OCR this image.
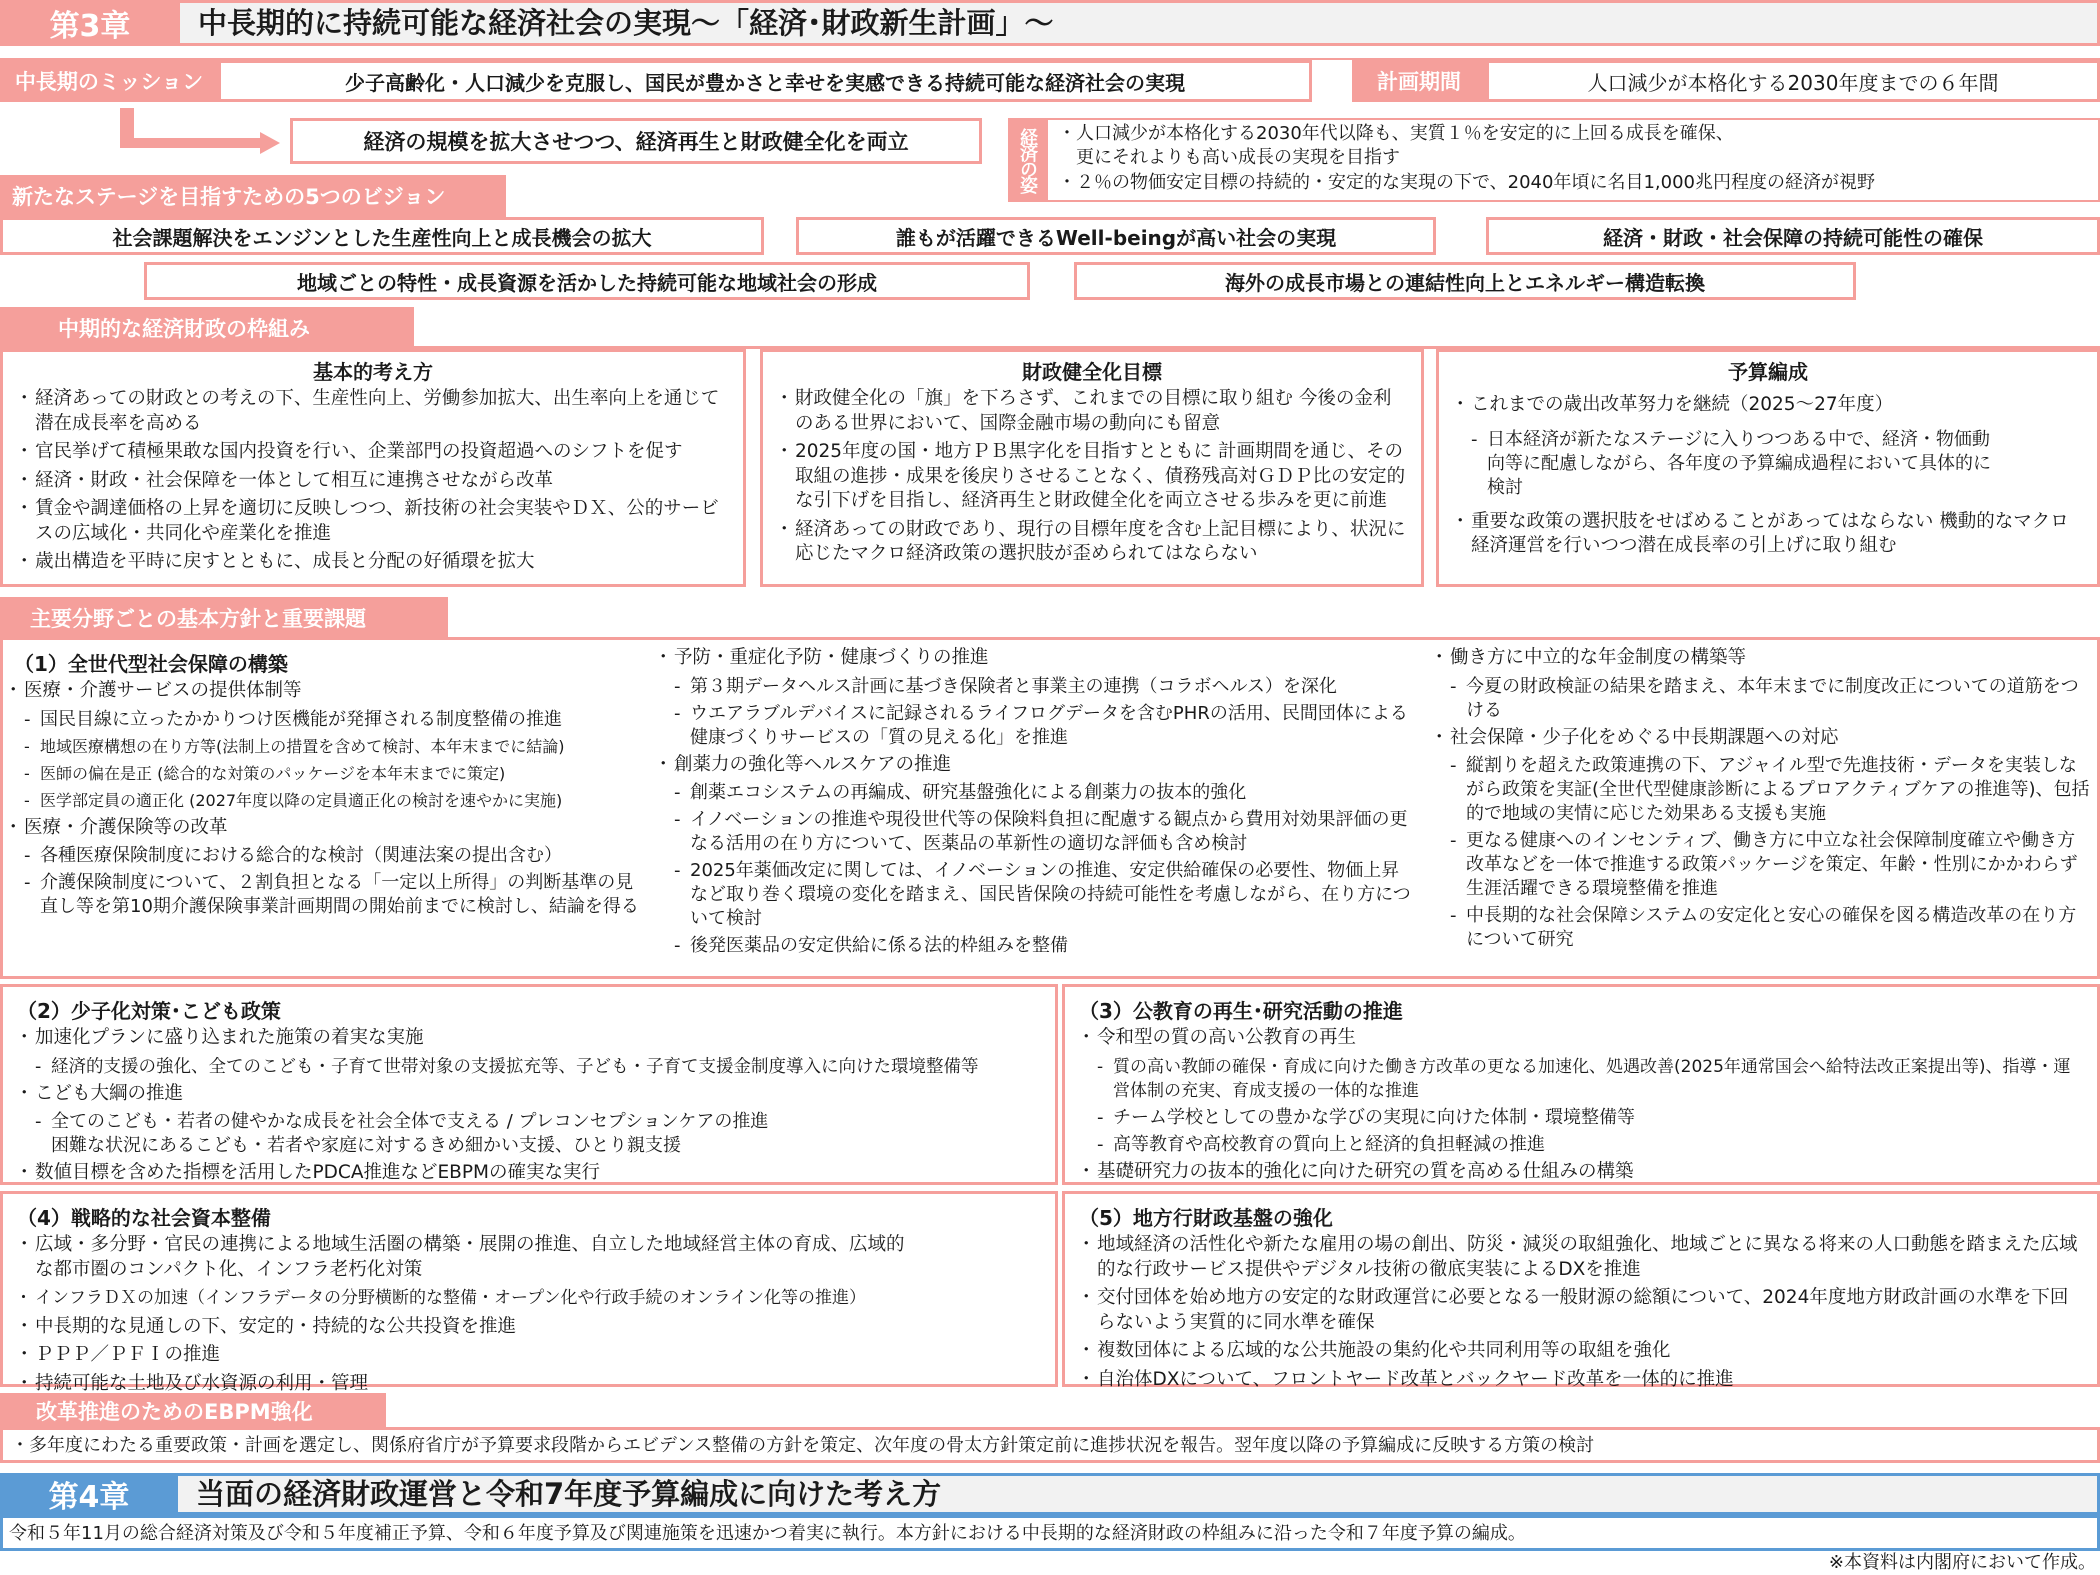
第3章	中長期的に持続可能な経済社会の実現〜「経済･財政新生計画」〜
中長期のミッション	少子高齢化・人口減少を克服し、国民が豊かさと幸せを実感できる持続可能な経済社会の実現	計画期間	人口減少が本格化する2030年度までの６年間
経済の規模を拡大させつつ、経済再生と財政健全化を両立	経済の姿	・人口減少が本格化する2030年代以降も、実質１％を安定的に上回る成長を確保、
更にそれよりも高い成長の実現を目指す
・２％の物価安定目標の持続的・安定的な実現の下で、2040年頃に名目1,000兆円程度の経済が視野
新たなステージを目指すための5つのビジョン
社会課題解決をエンジンとした生産性向上と成長機会の拡大	誰もが活躍できるWell-beingが高い社会の実現	経済・財政・社会保障の持続可能性の確保
地域ごとの特性・成長資源を活かした持続可能な地域社会の形成	海外の成長市場との連結性向上とエネルギー構造転換
中期的な経済財政の枠組み
基本的考え方
・ 経済あっての財政との考えの下、生産性向上、労働参加拡大、出生率向上を通じて潜在成長率を高める
・ 官民挙げて積極果敢な国内投資を行い、企業部門の投資超過へのシフトを促す
・ 経済・財政・社会保障を一体として相互に連携させながら改革
・ 賃金や調達価格の上昇を適切に反映しつつ、新技術の社会実装やＤＸ、公的サービスの広域化・共同化や産業化を推進
・ 歳出構造を平時に戻すとともに、成長と分配の好循環を拡大
財政健全化目標
・ 財政健全化の「旗」を下ろさず、これまでの目標に取り組む 今後の金利のある世界において、国際金融市場の動向にも留意
・ 2025年度の国・地方ＰＢ黒字化を目指すとともに 計画期間を通じ、その取組の進捗・成果を後戻りさせることなく、債務残高対ＧＤＰ比の安定的な引下げを目指し、経済再生と財政健全化を両立させる歩みを更に前進
・ 経済あっての財政であり、現行の目標年度を含む上記目標により、状況に応じたマクロ経済政策の選択肢が歪められてはならない
予算編成
・ これまでの歳出改革努力を継続（2025〜27年度）
- 日本経済が新たなステージに入りつつある中で、経済・物価動向等に配慮しながら、各年度の予算編成過程において具体的に検討
・ 重要な政策の選択肢をせばめることがあってはならない 機動的なマクロ経済運営を行いつつ潜在成長率の引上げに取り組む
主要分野ごとの基本方針と重要課題
（1）全世代型社会保障の構築
・ 医療・介護サービスの提供体制等
- 国民目線に立ったかかりつけ医機能が発揮される制度整備の推進
- 地域医療構想の在り方等(法制上の措置を含めて検討、本年末までに結論)
- 医師の偏在是正 (総合的な対策のパッケージを本年末までに策定)
- 医学部定員の適正化 (2027年度以降の定員適正化の検討を速やかに実施)
・ 医療・介護保険等の改革
- 各種医療保険制度における総合的な検討（関連法案の提出含む）
- 介護保険制度について、２割負担となる「一定以上所得」の判断基準の見直し等を第10期介護保険事業計画期間の開始前までに検討し、結論を得る
・ 予防・重症化予防・健康づくりの推進
- 第３期データヘルス計画に基づき保険者と事業主の連携（コラボヘルス）を深化
- ウエアラブルデバイスに記録されるライフログデータを含むPHRの活用、民間団体による健康づくりサービスの「質の見える化」を推進
・ 創薬力の強化等ヘルスケアの推進
- 創薬エコシステムの再編成、研究基盤強化による創薬力の抜本的強化
- イノベーションの推進や現役世代等の保険料負担に配慮する観点から費用対効果評価の更なる活用の在り方について、医薬品の革新性の適切な評価も含め検討
- 2025年薬価改定に関しては、イノベーションの推進、安定供給確保の必要性、物価上昇など取り巻く環境の変化を踏まえ、国民皆保険の持続可能性を考慮しながら、在り方について検討
- 後発医薬品の安定供給に係る法的枠組みを整備
・ 働き方に中立的な年金制度の構築等
- 今夏の財政検証の結果を踏まえ、本年末までに制度改正についての道筋をつける
・ 社会保障・少子化をめぐる中長期課題への対応
- 縦割りを超えた政策連携の下、アジャイル型で先進技術・データを実装しながら政策を実証(全世代型健康診断によるプロアクティブケアの推進等)、包括的で地域の実情に応じた効果ある支援も実施
- 更なる健康へのインセンティブ、働き方に中立な社会保障制度確立や働き方改革などを一体で推進する政策パッケージを策定、年齢・性別にかかわらず生涯活躍できる環境整備を推進
- 中長期的な社会保障システムの安定化と安心の確保を図る構造改革の在り方について研究
（2）少子化対策･こども政策
・ 加速化プランに盛り込まれた施策の着実な実施
- 経済的支援の強化、全てのこども・子育て世帯対象の支援拡充等、子ども・子育て支援金制度導入に向けた環境整備等
・ こども大綱の推進
- 全てのこども・若者の健やかな成長を社会全体で支える / プレコンセプションケアの推進 困難な状況にあるこども・若者や家庭に対するきめ細かい支援、ひとり親支援
・ 数値目標を含めた指標を活用したPDCA推進などEBPMの確実な実行
（3）公教育の再生･研究活動の推進
・ 令和型の質の高い公教育の再生
- 質の高い教師の確保・育成に向けた働き方改革の更なる加速化、処遇改善(2025年通常国会へ給特法改正案提出等)、指導・運営体制の充実、育成支援の一体的な推進
- チーム学校としての豊かな学びの実現に向けた体制・環境整備等
- 高等教育や高校教育の質向上と経済的負担軽減の推進
・ 基礎研究力の抜本的強化に向けた研究の質を高める仕組みの構築
（4）戦略的な社会資本整備
・ 広域・多分野・官民の連携による地域生活圏の構築・展開の推進、自立した地域経営主体の育成、広域的な都市圏のコンパクト化、インフラ老朽化対策
・ インフラＤＸの加速（インフラデータの分野横断的な整備・オープン化や行政手続のオンライン化等の推進）
・ 中長期的な見通しの下、安定的・持続的な公共投資を推進
・ ＰＰＰ／ＰＦＩの推進
・ 持続可能な土地及び水資源の利用・管理
（5）地方行財政基盤の強化
・ 地域経済の活性化や新たな雇用の場の創出、防災・減災の取組強化、地域ごとに異なる将来の人口動態を踏まえた広域的な行政サービス提供やデジタル技術の徹底実装によるDXを推進
・ 交付団体を始め地方の安定的な財政運営に必要となる一般財源の総額について、2024年度地方財政計画の水準を下回らないよう実質的に同水準を確保
・ 複数団体による広域的な公共施設の集約化や共同利用等の取組を強化
・ 自治体DXについて、フロントヤード改革とバックヤード改革を一体的に推進
改革推進のためのEBPM強化
・多年度にわたる重要政策・計画を選定し、関係府省庁が予算要求段階からエビデンス整備の方針を策定、次年度の骨太方針策定前に進捗状況を報告。翌年度以降の予算編成に反映する方策の検討
第4章	当面の経済財政運営と令和7年度予算編成に向けた考え方
令和５年11月の総合経済対策及び令和５年度補正予算、令和６年度予算及び関連施策を迅速かつ着実に執行。本方針における中長期的な経済財政の枠組みに沿った令和７年度予算の編成。
※本資料は内閣府において作成。
